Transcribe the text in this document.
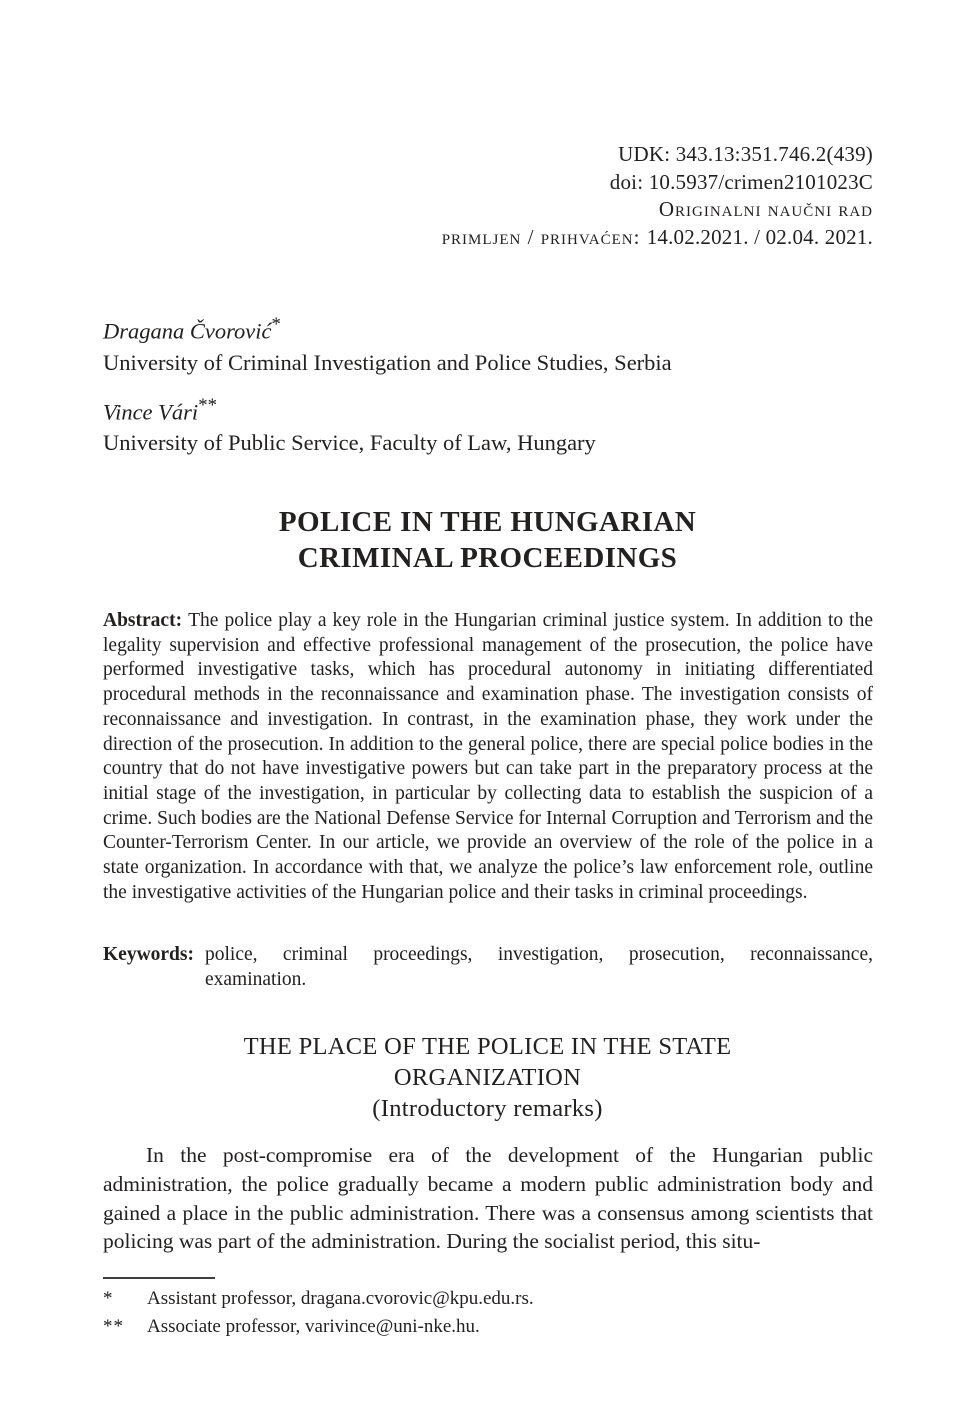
UDK: 343.13:351.746.2(439)
doi: 10.5937/crimen2101023C
Originalni naučni rad
primljen / prihvaćen: 14.02.2021. / 02.04. 2021.
Dragana Čvorović*
University of Criminal Investigation and Police Studies, Serbia
Vince Vári**
University of Public Service, Faculty of Law, Hungary
POLICE IN THE HUNGARIAN
CRIMINAL PROCEEDINGS

Abstract: The police play a key role in the Hungarian criminal justice system. In addition to the legality supervision and effective professional management of the prosecution, the police have performed investigative tasks, which has procedural autonomy in initiating differentiated procedural methods in the reconnaissance and examination phase. The investigation consists of reconnaissance and investigation. In contrast, in the examination phase, they work under the direction of the prosecution. In addition to the general police, there are special police bodies in the country that do not have investigative powers but can take part in the preparatory process at the initial stage of the investigation, in particular by collecting data to establish the suspicion of a crime. Such bodies are the National Defense Service for Internal Corruption and Terrorism and the Counter-Terrorism Center. In our article, we provide an overview of the role of the police in a state organization. In accordance with that, we analyze the police’s law enforcement role, outline the investigative activities of the Hungarian police and their tasks in criminal proceedings.

Keywords: police, criminal proceedings, investigation, prosecution, reconnaissance, examination.
THE PLACE OF THE POLICE IN THE STATE
ORGANIZATION
(Introductory remarks)

In the post-compromise era of the development of the Hungarian public administration, the police gradually became a modern public administration body and gained a place in the public administration. There was a consensus among scientists that policing was part of the administration. During the socialist period, this situ-

*	Assistant professor, dragana.cvorovic@kpu.edu.rs.
**	Associate professor, varivince@uni-nke.hu.
